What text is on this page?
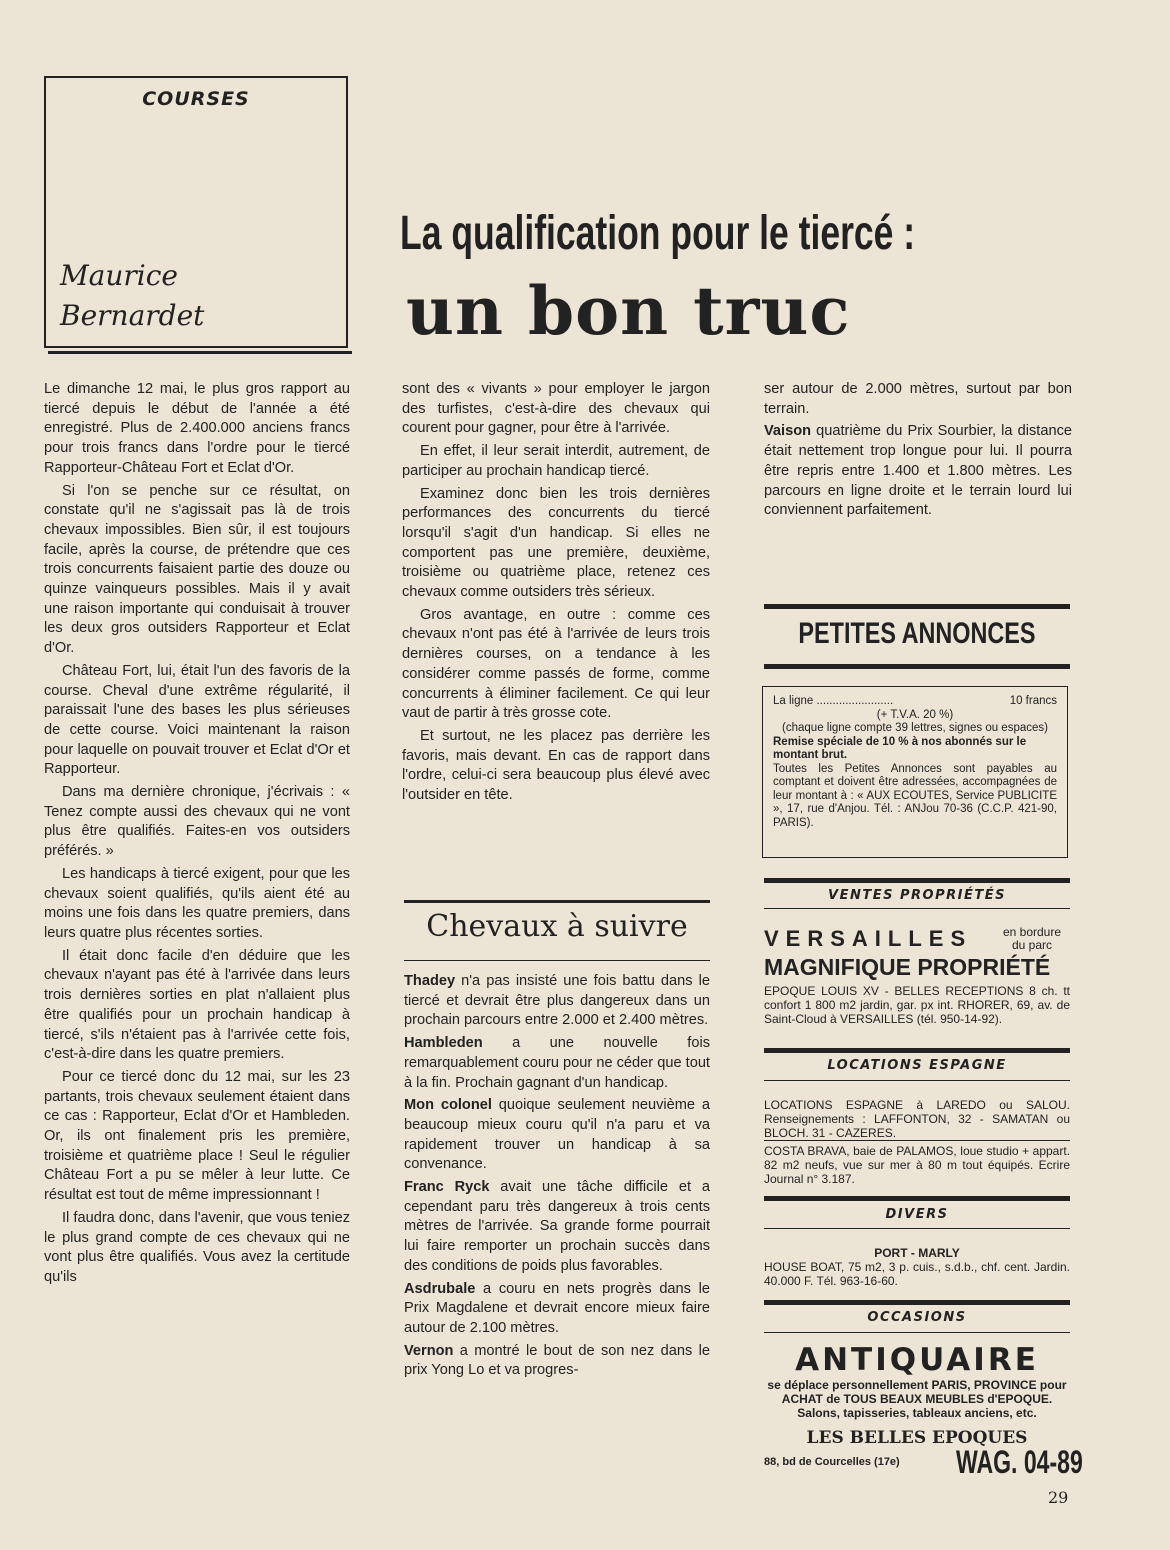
COURSES
Maurice
Bernardet
La qualification pour le tiercé :
un bon truc

Le dimanche 12 mai, le plus gros rapport au tiercé depuis le début de l'année a été enregistré. Plus de 2.400.000 anciens francs pour trois francs dans l'ordre pour le tiercé Rapporteur-Château Fort et Eclat d'Or.

Si l'on se penche sur ce résultat, on constate qu'il ne s'agissait pas là de trois chevaux impossibles. Bien sûr, il est toujours facile, après la course, de prétendre que ces trois concurrents faisaient partie des douze ou quinze vainqueurs possibles. Mais il y avait une raison importante qui conduisait à trouver les deux gros outsiders Rapporteur et Eclat d'Or.

Château Fort, lui, était l'un des favoris de la course. Cheval d'une extrême régularité, il paraissait l'une des bases les plus sérieuses de cette course. Voici maintenant la raison pour laquelle on pouvait trouver et Eclat d'Or et Rapporteur.

Dans ma dernière chronique, j'écrivais : « Tenez compte aussi des chevaux qui ne vont plus être qualifiés. Faites-en vos outsiders préférés. »

Les handicaps à tiercé exigent, pour que les chevaux soient qualifiés, qu'ils aient été au moins une fois dans les quatre premiers, dans leurs quatre plus récentes sorties.

Il était donc facile d'en déduire que les chevaux n'ayant pas été à l'arrivée dans leurs trois dernières sorties en plat n'allaient plus être qualifiés pour un prochain handicap à tiercé, s'ils n'étaient pas à l'arrivée cette fois, c'est-à-dire dans les quatre premiers.

Pour ce tiercé donc du 12 mai, sur les 23 partants, trois chevaux seulement étaient dans ce cas : Rapporteur, Eclat d'Or et Hambleden. Or, ils ont finalement pris les première, troisième et quatrième place ! Seul le régulier Château Fort a pu se mêler à leur lutte. Ce résultat est tout de même impressionnant !

Il faudra donc, dans l'avenir, que vous teniez le plus grand compte de ces chevaux qui ne vont plus être qualifiés. Vous avez la certitude qu'ils

sont des « vivants » pour employer le jargon des turfistes, c'est-à-dire des chevaux qui courent pour gagner, pour être à l'arrivée.

En effet, il leur serait interdit, autrement, de participer au prochain handicap tiercé.

Examinez donc bien les trois dernières performances des concurrents du tiercé lorsqu'il s'agit d'un handicap. Si elles ne comportent pas une première, deuxième, troisième ou quatrième place, retenez ces chevaux comme outsiders très sérieux.

Gros avantage, en outre : comme ces chevaux n'ont pas été à l'arrivée de leurs trois dernières courses, on a tendance à les considérer comme passés de forme, comme concurrents à éliminer facilement. Ce qui leur vaut de partir à très grosse cote.

Et surtout, ne les placez pas derrière les favoris, mais devant. En cas de rapport dans l'ordre, celui-ci sera beaucoup plus élevé avec l'outsider en tête.

Chevaux à suivre

Thadey n'a pas insisté une fois battu dans le tiercé et devrait être plus dangereux dans un prochain parcours entre 2.000 et 2.400 mètres.

Hambleden a une nouvelle fois remarquablement couru pour ne céder que tout à la fin. Prochain gagnant d'un handicap.

Mon colonel quoique seulement neuvième a beaucoup mieux couru qu'il n'a paru et va rapidement trouver un handicap à sa convenance.

Franc Ryck avait une tâche difficile et a cependant paru très dangereux à trois cents mètres de l'arrivée. Sa grande forme pourrait lui faire remporter un prochain succès dans des conditions de poids plus favorables.

Asdrubale a couru en nets progrès dans le Prix Magdalene et devrait encore mieux faire autour de 2.100 mètres.

Vernon a montré le bout de son nez dans le prix Yong Lo et va progres-

ser autour de 2.000 mètres, surtout par bon terrain.

Vaison quatrième du Prix Sourbier, la distance était nettement trop longue pour lui. Il pourra être repris entre 1.400 et 1.800 mètres. Les parcours en ligne droite et le terrain lourd lui conviennent parfaitement.

PETITES ANNONCES
La ligne ........................	10 francs
(+ T.V.A. 20 %)
(chaque ligne compte 39 lettres, signes ou espaces)
Remise spéciale de 10 % à nos abonnés sur le montant brut.
Toutes les Petites Annonces sont payables au comptant et doivent être adressées, accompagnées de leur montant à : « AUX ECOUTES, Service PUBLICITE », 17, rue d'Anjou. Tél. : ANJou 70-36 (C.C.P. 421-90, PARIS).
VENTES PROPRIÉTÉS
VERSAILLES	en bordure du parc
MAGNIFIQUE PROPRIÉTÉ
EPOQUE LOUIS XV - BELLES RECEPTIONS 8 ch. tt confort 1 800 m2 jardin, gar. px int. RHORER, 69, av. de Saint-Cloud à VERSAILLES (tél. 950-14-92).
LOCATIONS ESPAGNE
LOCATIONS ESPAGNE à LAREDO ou SALOU. Renseignements : LAFFONTON, 32 - SAMATAN ou BLOCH. 31 - CAZERES.
COSTA BRAVA, baie de PALAMOS, loue studio + appart. 82 m2 neufs, vue sur mer à 80 m tout équipés. Ecrire Journal n° 3.187.
DIVERS
PORT - MARLY
HOUSE BOAT, 75 m2, 3 p. cuis., s.d.b., chf. cent. Jardin. 40.000 F. Tél. 963-16-60.
OCCASIONS
ANTIQUAIRE
se déplace personnellement PARIS, PROVINCE pour ACHAT de TOUS BEAUX MEUBLES d'EPOQUE. Salons, tapisseries, tableaux anciens, etc.
LES BELLES EPOQUES
88, bd de Courcelles (17e) WAG. 04-89
29
